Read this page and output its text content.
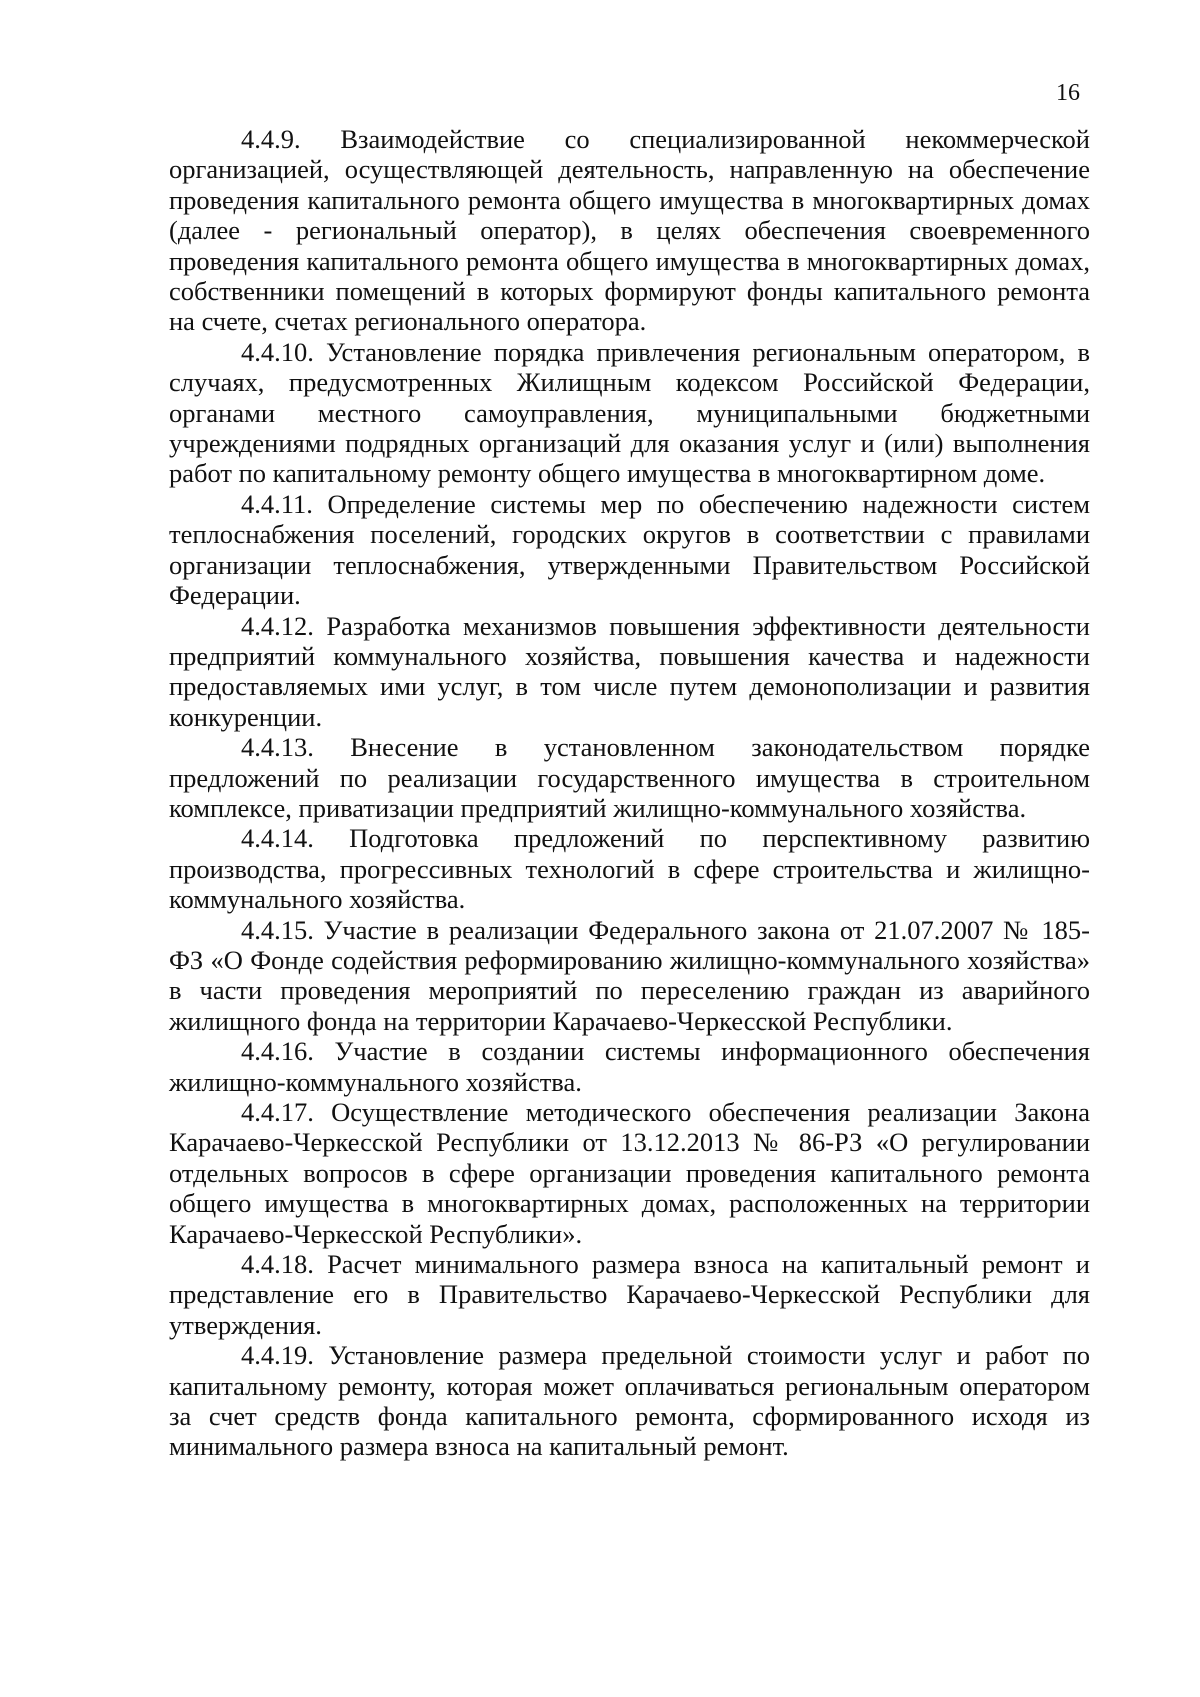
16

4.4.9. Взаимодействие со специализированной некоммерческой организацией, осуществляющей деятельность, направленную на обеспечение проведения капитального ремонта общего имущества в многоквартирных домах (далее - региональный оператор), в целях обеспечения своевременного проведения капитального ремонта общего имущества в многоквартирных домах, собственники помещений в которых формируют фонды капитального ремонта на счете, счетах регионального оператора.

4.4.10. Установление порядка привлечения региональным оператором, в случаях, предусмотренных Жилищным кодексом Российской Федерации, органами местного самоуправления, муниципальными бюджетными учреждениями подрядных организаций для оказания услуг и (или) выполнения работ по капитальному ремонту общего имущества в многоквартирном доме.

4.4.11. Определение системы мер по обеспечению надежности систем теплоснабжения поселений, городских округов в соответствии с правилами организации теплоснабжения, утвержденными Правительством Российской Федерации.

4.4.12. Разработка механизмов повышения эффективности деятельности предприятий коммунального хозяйства, повышения качества и надежности предоставляемых ими услуг, в том числе путем демонополизации и развития конкуренции.

4.4.13. Внесение в установленном законодательством порядке предложений по реализации государственного имущества в строительном комплексе, приватизации предприятий жилищно-коммунального хозяйства.

4.4.14. Подготовка предложений по перспективному развитию производства, прогрессивных технологий в сфере строительства и жилищно-коммунального хозяйства.

4.4.15. Участие в реализации Федерального закона от 21.07.2007 № 185-ФЗ «О Фонде содействия реформированию жилищно-коммунального хозяйства» в части проведения мероприятий по переселению граждан из аварийного жилищного фонда на территории Карачаево-Черкесской Республики.

4.4.16. Участие в создании системы информационного обеспечения жилищно-коммунального хозяйства.

4.4.17. Осуществление методического обеспечения реализации Закона Карачаево-Черкесской Республики от 13.12.2013 № 86-РЗ «О регулировании отдельных вопросов в сфере организации проведения капитального ремонта общего имущества в многоквартирных домах, расположенных на территории Карачаево-Черкесской Республики».

4.4.18. Расчет минимального размера взноса на капитальный ремонт и представление его в Правительство Карачаево-Черкесской Республики для утверждения.

4.4.19. Установление размера предельной стоимости услуг и работ по капитальному ремонту, которая может оплачиваться региональным оператором за счет средств фонда капитального ремонта, сформированного исходя из минимального размера взноса на капитальный ремонт.
